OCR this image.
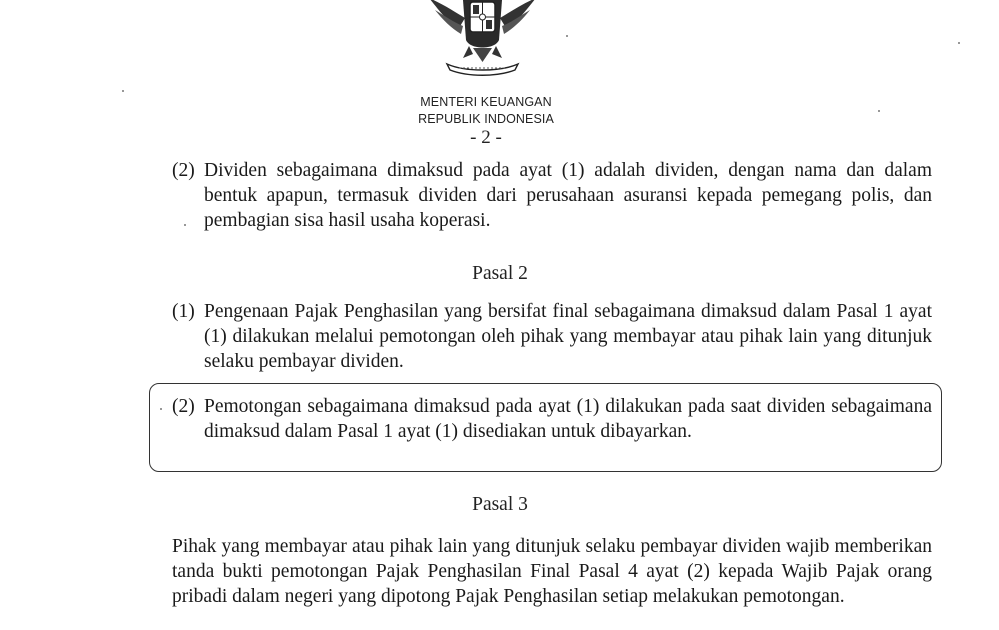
MENTERI KEUANGAN
REPUBLIK INDONESIA
- 2 -
(2) Dividen sebagaimana dimaksud pada ayat (1) adalah dividen, dengan nama dan dalam bentuk apapun, termasuk dividen dari perusahaan asuransi kepada pemegang polis, dan pembagian sisa hasil usaha koperasi.
Pasal 2
(1) Pengenaan Pajak Penghasilan yang bersifat final sebagaimana dimaksud dalam Pasal 1 ayat (1) dilakukan melalui pemotongan oleh pihak yang membayar atau pihak lain yang ditunjuk selaku pembayar dividen.
(2) Pemotongan sebagaimana dimaksud pada ayat (1) dilakukan pada saat dividen sebagaimana dimaksud dalam Pasal 1 ayat (1) disediakan untuk dibayarkan.
Pasal 3
Pihak yang membayar atau pihak lain yang ditunjuk selaku pembayar dividen wajib memberikan tanda bukti pemotongan Pajak Penghasilan Final Pasal 4 ayat (2) kepada Wajib Pajak orang pribadi dalam negeri yang dipotong Pajak Penghasilan setiap melakukan pemotongan.
